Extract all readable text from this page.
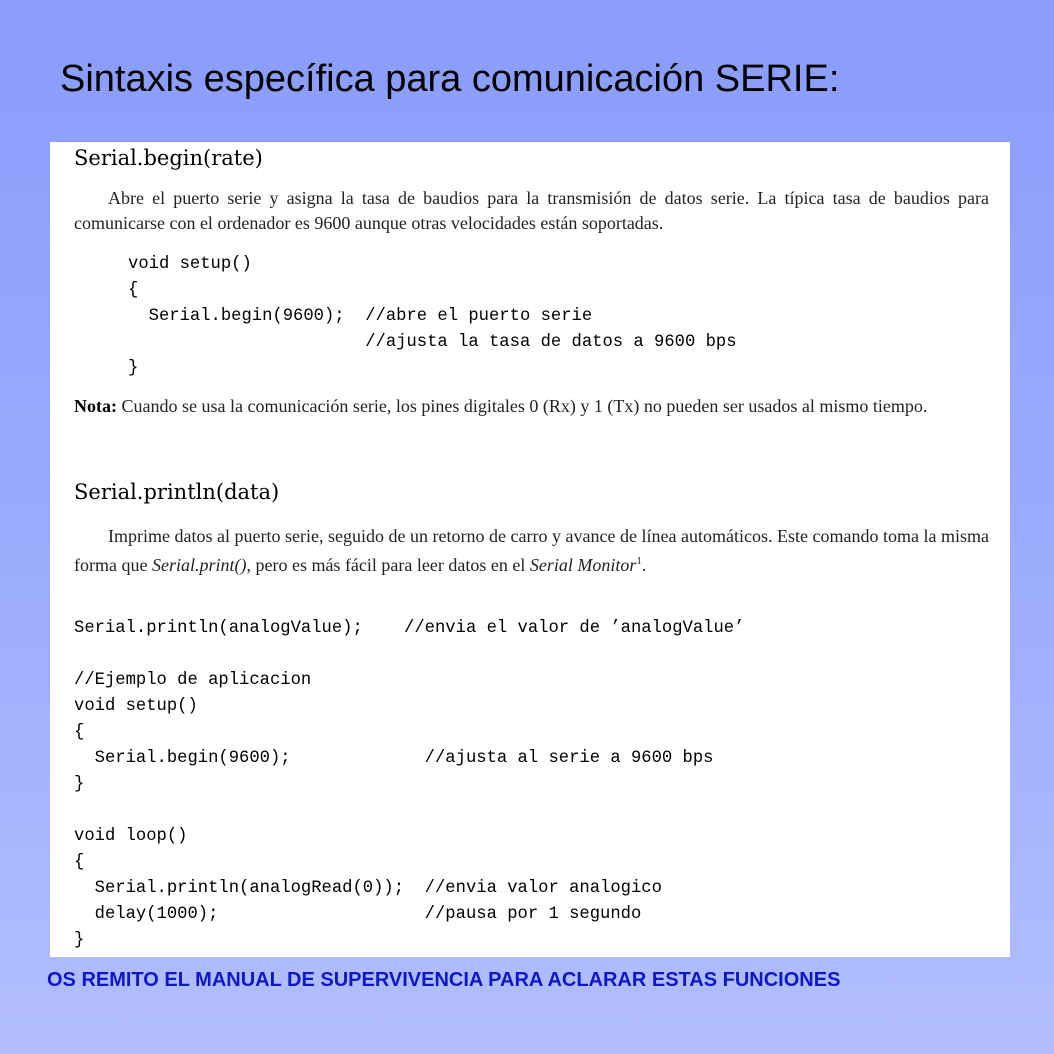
Sintaxis específica para comunicación SERIE:
Serial.begin(rate)
Abre el puerto serie y asigna la tasa de baudios para la transmisión de datos serie. La típica tasa de baudios para comunicarse con el ordenador es 9600 aunque otras velocidades están soportadas.
void setup()
{
Serial.begin(9600);  //abre el puerto serie
//ajusta la tasa de datos a 9600 bps
}
Nota: Cuando se usa la comunicación serie, los pines digitales 0 (Rx) y 1 (Tx) no pueden ser usados al mismo tiempo.
Serial.println(data)
Imprime datos al puerto serie, seguido de un retorno de carro y avance de línea automáticos. Este comando toma la misma forma que Serial.print(), pero es más fácil para leer datos en el Serial Monitor$^1$.
Serial.println(analogValue);    //envia el valor de ’analogValue’

//Ejemplo de aplicacion
void setup()
{
Serial.begin(9600);             //ajusta al serie a 9600 bps
}

void loop()
{
Serial.println(analogRead(0));  //envia valor analogico
delay(1000);                    //pausa por 1 segundo
}
OS REMITO EL MANUAL DE SUPERVIVENCIA PARA ACLARAR ESTAS FUNCIONES
